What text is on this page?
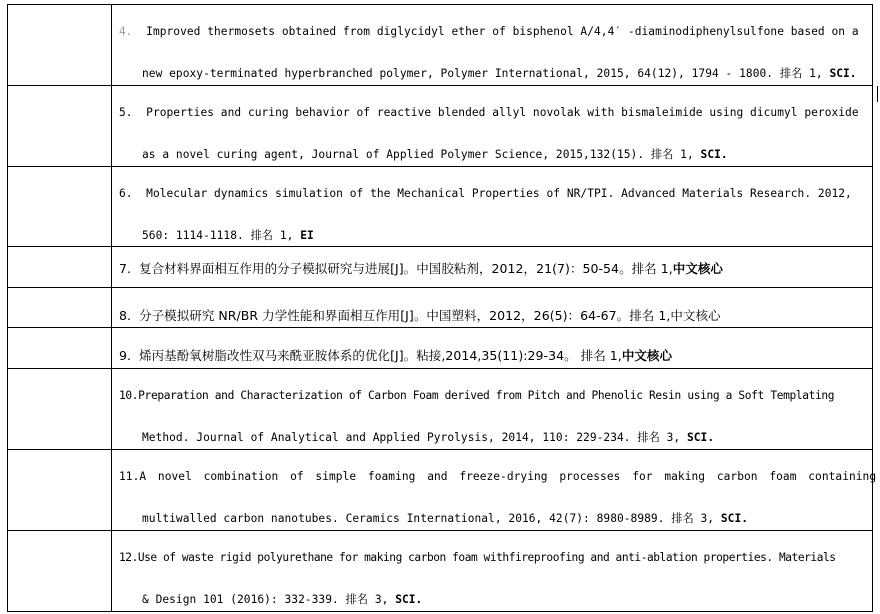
	4. Improved thermosets obtained from diglycidyl ether of bisphenol A/4,4′ -diaminodiphenylsulfone based on a
new epoxy-terminated hyperbranched polymer, Polymer International, 2015, 64(12), 1794 - 1800. 排名 1, SCI.

	5. Properties and curing behavior of reactive blended allyl novolak with bismaleimide using dicumyl peroxide
as a novel curing agent, Journal of Applied Polymer Science, 2015,132(15). 排名 1, SCI.

	6. Molecular dynamics simulation of the Mechanical Properties of NR/TPI. Advanced Materials Research. 2012,
560: 1114-1118. 排名 1, EI

	7. 复合材料界面相互作用的分子模拟研究与进展[J]。中国胶粘剂，2012，21(7)：50-54。排名 1,中文核心

	8. 分子模拟研究 NR/BR 力学性能和界面相互作用[J]。中国塑料，2012，26(5)：64-67。排名 1,中文核心

	9. 烯丙基酚氧树脂改性双马来酰亚胺体系的优化[J]。粘接,2014,35(11):29-34。 排名 1,中文核心

	10.Preparation and Characterization of Carbon Foam derived from Pitch and Phenolic Resin using a Soft Templating
Method. Journal of Analytical and Applied Pyrolysis, 2014, 110: 229-234. 排名 3, SCI.

	11.A novel combination of simple foaming and freeze-drying processes for making carbon foam containing
multiwalled carbon nanotubes. Ceramics International, 2016, 42(7): 8980-8989. 排名 3, SCI.

	12.Use of waste rigid polyurethane for making carbon foam withfireproofing and anti-ablation properties. Materials
& Design 101 (2016): 332-339. 排名 3, SCI.
